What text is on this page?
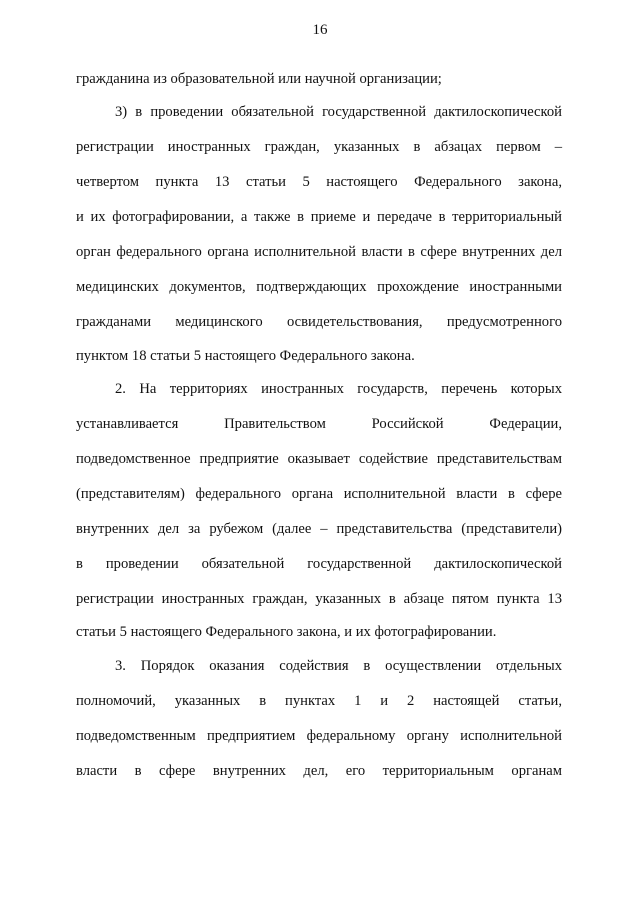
16
гражданина из образовательной или научной организации;
3) в проведении обязательной государственной дактилоскопической
регистрации иностранных граждан, указанных в абзацах первом –
четвертом пункта 13 статьи 5 настоящего Федерального закона,
и их фотографировании, а также в приеме и передаче в территориальный
орган федерального органа исполнительной власти в сфере внутренних дел
медицинских документов, подтверждающих прохождение иностранными
гражданами медицинского освидетельствования, предусмотренного
пунктом 18 статьи 5 настоящего Федерального закона.
2. На территориях иностранных государств, перечень которых
устанавливается Правительством Российской Федерации,
подведомственное предприятие оказывает содействие представительствам
(представителям) федерального органа исполнительной власти в сфере
внутренних дел за рубежом (далее – представительства (представители)
в проведении обязательной государственной дактилоскопической
регистрации иностранных граждан, указанных в абзаце пятом пункта 13
статьи 5 настоящего Федерального закона, и их фотографировании.
3. Порядок оказания содействия в осуществлении отдельных
полномочий, указанных в пунктах 1 и 2 настоящей статьи,
подведомственным предприятием федеральному органу исполнительной
власти в сфере внутренних дел, его территориальным органам
